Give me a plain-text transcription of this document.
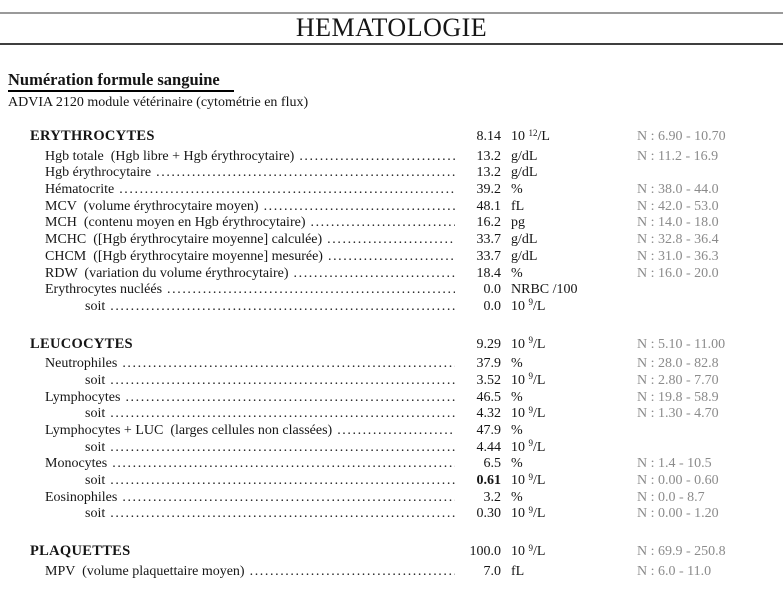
HEMATOLOGIE
Numération formule sanguine
ADVIA 2120 module vétérinaire (cytométrie en flux)
ERYTHROCYTES	8.14 10 $^{12}$/L	N : 6.90 - 10.70
Hgb totale  (Hgb libre + Hgb érythrocytaire) .....	13.2 g/dL	N : 11.2 - 16.9
Hgb érythrocytaire .....	13.2 g/dL
Hématocrite .....	39.2 %	N : 38.0 - 44.0
MCV  (volume érythrocytaire moyen) .....	48.1 fL	N : 42.0 - 53.0
MCH  (contenu moyen en Hgb érythrocytaire) .....	16.2 pg	N : 14.0 - 18.0
MCHC  ([Hgb érythrocytaire moyenne] calculée) .....	33.7 g/dL	N : 32.8 - 36.4
CHCM  ([Hgb érythrocytaire moyenne] mesurée) .....	33.7 g/dL	N : 31.0 - 36.3
RDW  (variation du volume érythrocytaire) .....	18.4 %	N : 16.0 - 20.0
Erythrocytes nucléés .....	0.0 NRBC /100
soit .....	0.0 10 $^9$/L
LEUCOCYTES	9.29 10 $^9$/L	N : 5.10 - 11.00
Neutrophiles .....	37.9 %	N : 28.0 - 82.8
soit .....	3.52 10 $^9$/L	N : 2.80 - 7.70
Lymphocytes .....	46.5 %	N : 19.8 - 58.9
soit .....	4.32 10 $^9$/L	N : 1.30 - 4.70
Lymphocytes + LUC  (larges cellules non classées) .....	47.9 %
soit .....	4.44 10 $^9$/L
Monocytes .....	6.5 %	N : 1.4 - 10.5
soit .....	0.61 10 $^9$/L	N : 0.00 - 0.60
Eosinophiles .....	3.2 %	N : 0.0 - 8.7
soit .....	0.30 10 $^9$/L	N : 0.00 - 1.20
PLAQUETTES	100.0 10 $^9$/L	N : 69.9 - 250.8
MPV  (volume plaquettaire moyen) .....	7.0 fL	N : 6.0 - 11.0
